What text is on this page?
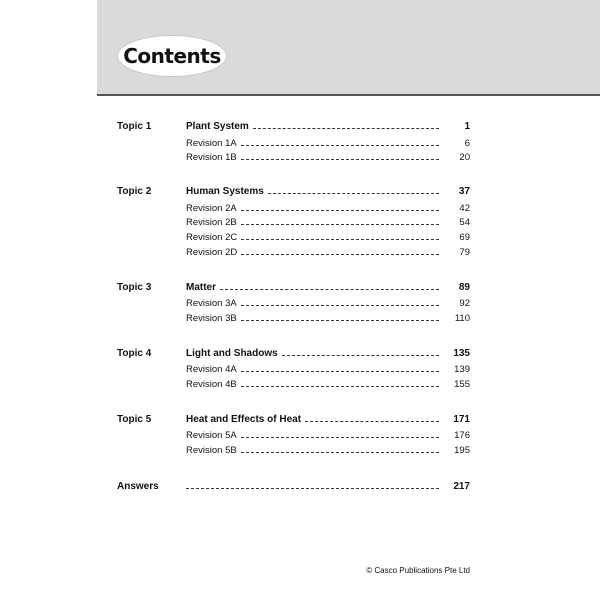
Contents
Topic 1	Plant System	1
Revision 1A	6
Revision 1B	20
Topic 2	Human Systems	37
Revision 2A	42
Revision 2B	54
Revision 2C	69
Revision 2D	79
Topic 3	Matter	89
Revision 3A	92
Revision 3B	110
Topic 4	Light and Shadows	135
Revision 4A	139
Revision 4B	155
Topic 5	Heat and Effects of Heat	171
Revision 5A	176
Revision 5B	195
Answers	217
© Casco Publications Pte Ltd
